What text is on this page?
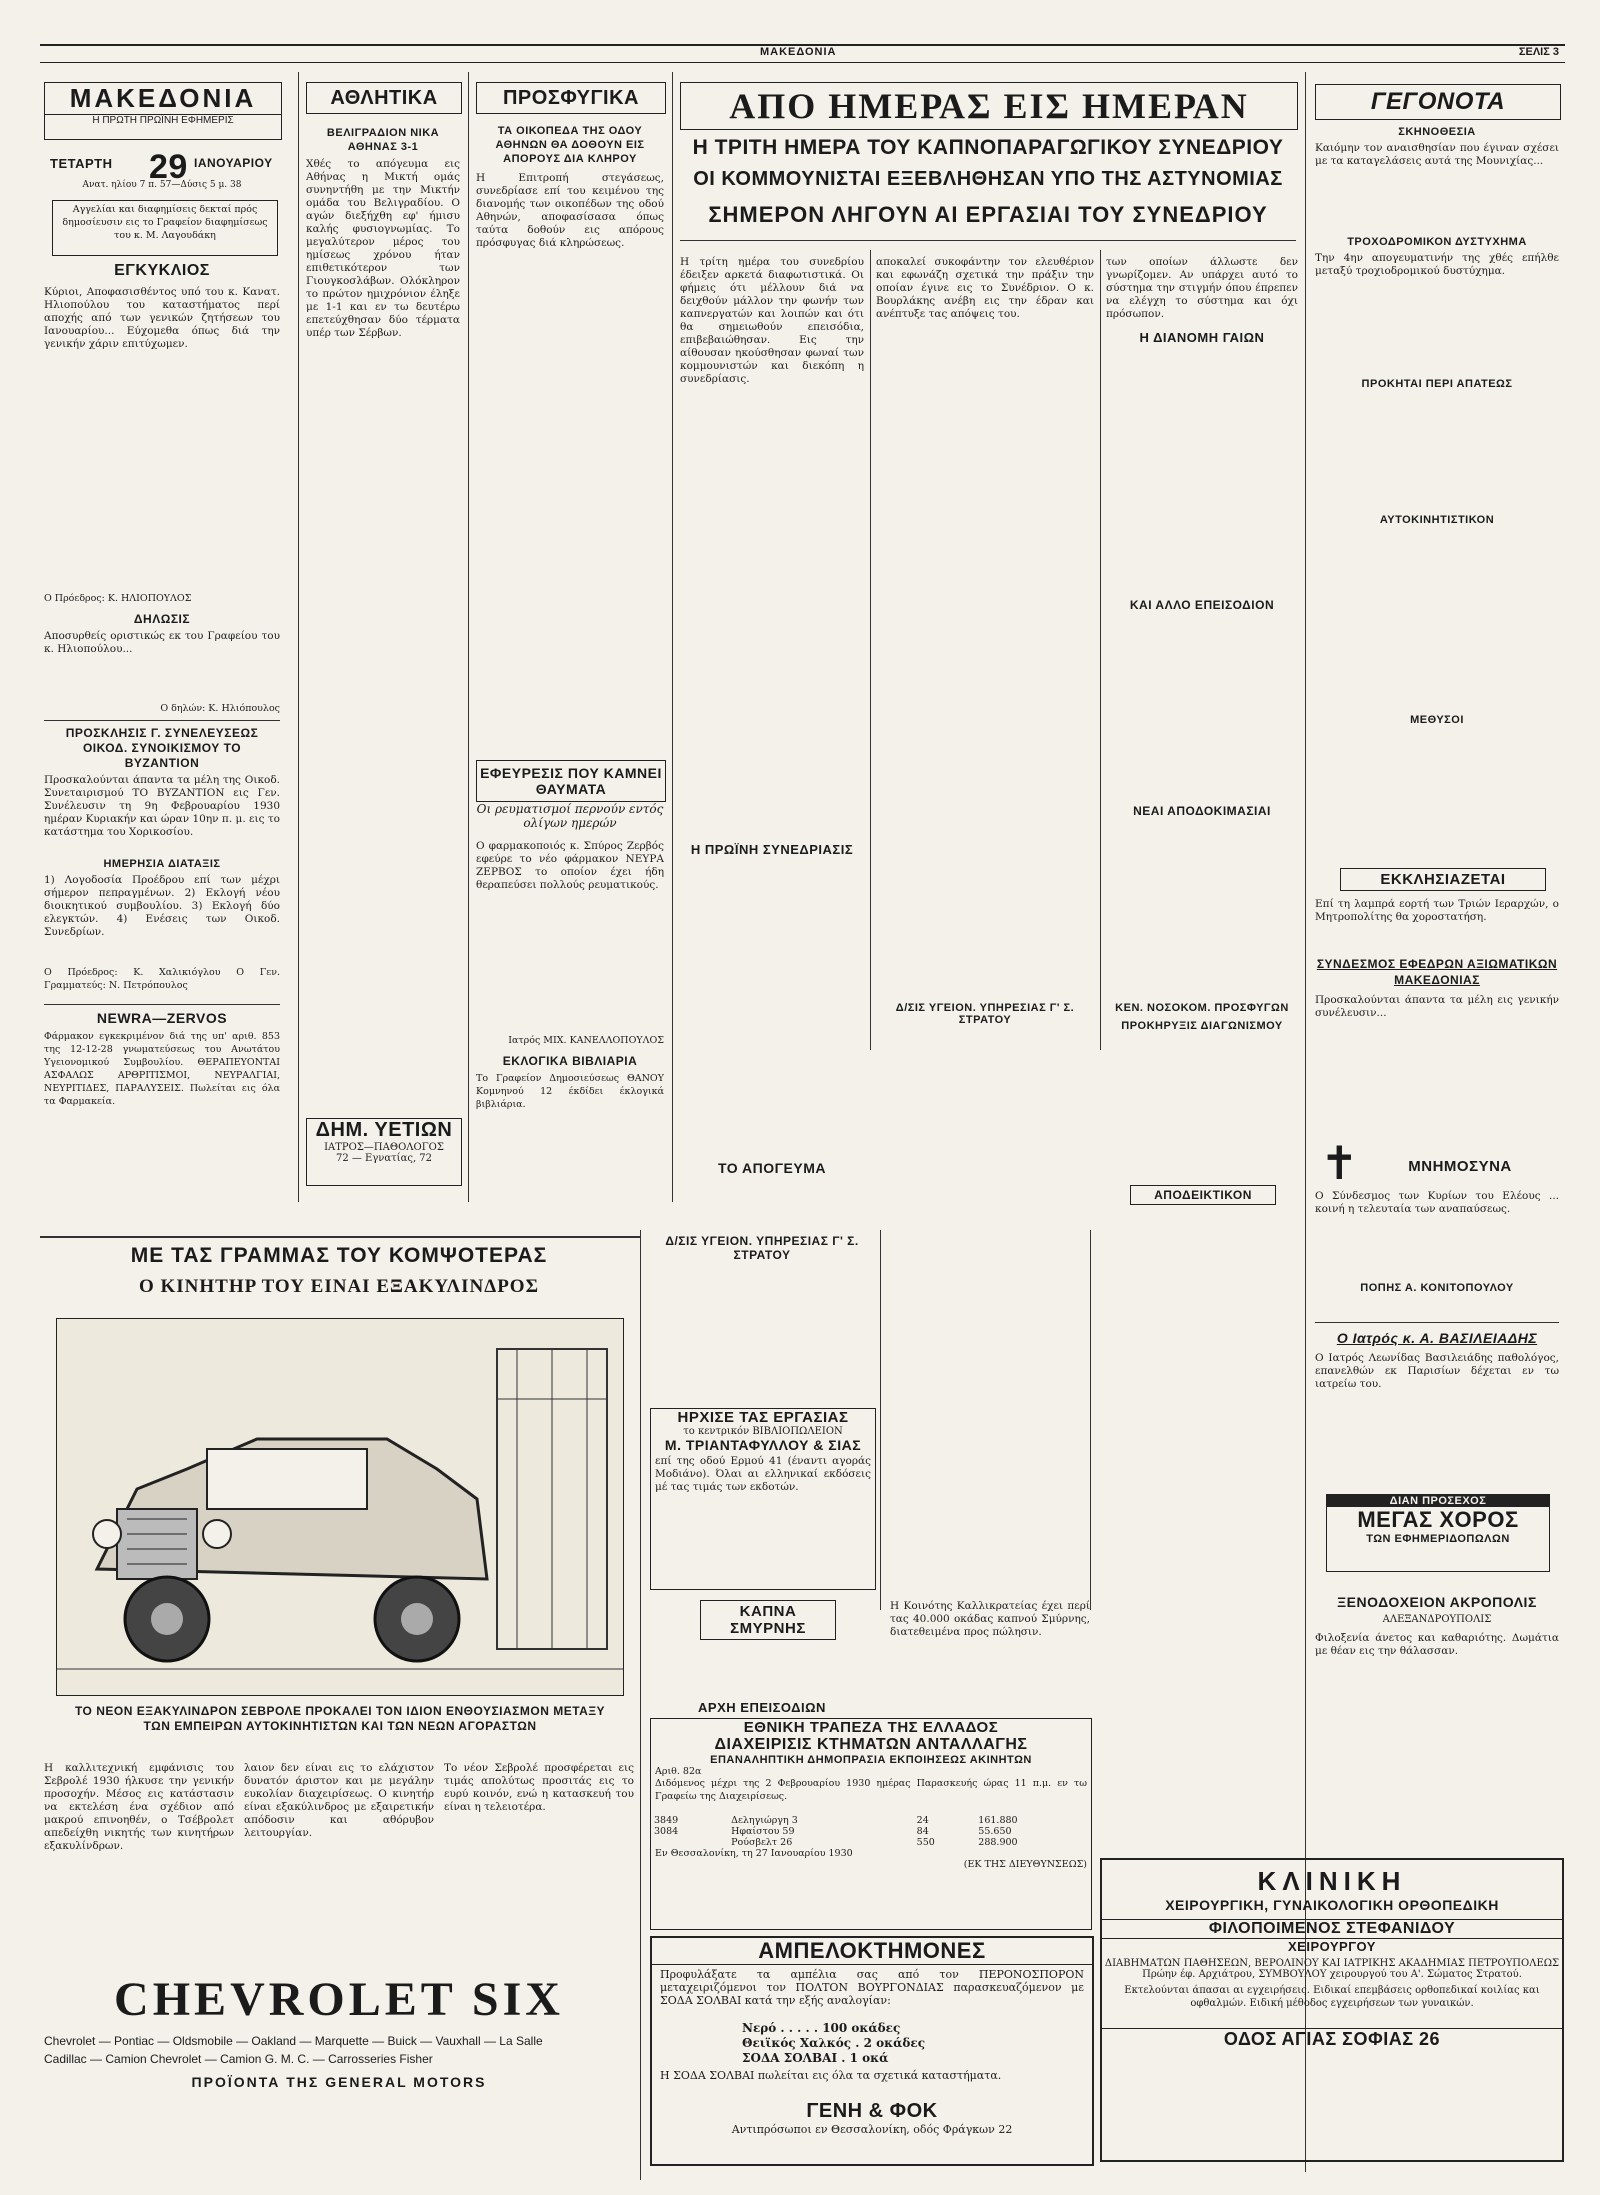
ΜΑΚΕΔΟΝΙΑ	ΣΕΛΙΣ 3
ΜΑΚΕΔΟΝΙΑ
Η ΠΡΩΤΗ ΠΡΩΪΝΗ ΕΦΗΜΕΡΙΣ
ΤΕΤΑΡΤΗ 29 ΙΑΝΟΥΑΡΙΟΥ
Ανατ. ηλίου 7 π. 57—Δύσις 5 μ. 38
Αγγελίαι και διαφημίσεις δεκταί πρός δημοσίευσιν εις το Γραφείον διαφημίσεως του κ. Μ. Λαγουδάκη
ΕΓΚΥΚΛΙΟΣ
Κύριοι, Αποφασισθέντος υπό του κ. Κανατ. Ηλιοπούλου του καταστήματος περί αποχής από των γενικών ζητήσεων του Ιανουαρίου... Εύχομεθα όπως διά την γενικήν χάριν επιτύχωμεν.
Ο Πρόεδρος: Κ. ΗΛΙΟΠΟΥΛΟΣ
ΔΗΛΩΣΙΣ
Αποσυρθείς οριστικώς εκ του Γραφείου του κ. Ηλιοπούλου...
Ο δηλών: Κ. Ηλιόπουλος
ΠΡΟΣΚΛΗΣΙΣ Γ. ΣΥΝΕΛΕΥΣΕΩΣ ΟΙΚΟΔ. ΣΥΝΟΙΚΙΣΜΟΥ ΤΟ ΒΥΖΑΝΤΙΟΝ
Προσκαλούνται άπαντα τα μέλη της Οικοδ. Συνεταιρισμού ΤΟ ΒΥΖΑΝΤΙΟΝ εις Γεν. Συνέλευσιν τη 9η Φεβρουαρίου 1930 ημέραν Κυριακήν και ώραν 10ην π. μ. εις το κατάστημα του Χορικοσίου.
ΗΜΕΡΗΣΙΑ ΔΙΑΤΑΞΙΣ
1) Λογοδοσία Προέδρου επί των μέχρι σήμερον πεπραγμένων. 2) Εκλογή νέου διοικητικού συμβουλίου. 3) Εκλογή δύο ελεγκτών. 4) Ενέσεις των Οικοδ. Συνεδρίων.
Ο Πρόεδρος: Κ. Χαλικιόγλου Ο Γεν. Γραμματεύς: Ν. Πετρόπουλος
NEWRA—ZERVOS
Φάρμακον εγκεκριμένον διά της υπ' αριθ. 853 της 12-12-28 γνωματεύσεως του Ανωτάτου Υγειονομικού Συμβουλίου. ΘΕΡΑΠΕΥΟΝΤΑΙ ΑΣΦΑΛΩΣ ΑΡΘΡΙΤΙΣΜΟΙ, ΝΕΥΡΑΛΓΙΑΙ, ΝΕΥΡΙΤΙΔΕΣ, ΠΑΡΑΛΥΣΕΙΣ. Πωλείται εις όλα τα Φαρμακεία.
ΑΘΛΗΤΙΚΑ
ΒΕΛΙΓΡΑΔΙΟΝ ΝΙΚΑ ΑΘΗΝΑΣ 3-1
Χθές το απόγευμα εις Αθήνας η Μικτή ομάς συνηντήθη με την Μικτήν ομάδα του Βελιγραδίου. Ο αγών διεξήχθη εφ' ήμισυ καλής φυσιογνωμίας. Το μεγαλύτερον μέρος του ημίσεως χρόνου ήταν επιθετικότερον των Γιουγκοσλάβων. Ολόκληρον το πρώτον ημιχρόνιον έληξε με 1-1 και εν τω δευτέρω επετεύχθησαν δύο τέρματα υπέρ των Σέρβων.
ΔΗΜ. ΥΕΤΙΩΝ
ΙΑΤΡΟΣ—ΠΑΘΟΛΟΓΟΣ
72 — Εγνατίας, 72
ΠΡΟΣΦΥΓΙΚΑ
ΤΑ ΟΙΚΟΠΕΔΑ ΤΗΣ ΟΔΟΥ ΑΘΗΝΩΝ ΘΑ ΔΟΘΟΥΝ ΕΙΣ ΑΠΟΡΟΥΣ ΔΙΑ ΚΛΗΡΟΥ
Η Επιτροπή στεγάσεως, συνεδρίασε επί του κειμένου της διανομής των οικοπέδων της οδού Αθηνών, αποφασίσασα όπως ταύτα δοθούν εις απόρους πρόσφυγας διά κληρώσεως.
ΕΦΕΥΡΕΣΙΣ ΠΟΥ ΚΑΜΝΕΙ ΘΑΥΜΑΤΑ
Οι ρευματισμοί περνούν εντός ολίγων ημερών
Ο φαρμακοποιός κ. Σπύρος Ζερβός εφεύρε το νέο φάρμακον ΝΕΥΡΑ ΖΕΡΒΟΣ το οποίον έχει ήδη θεραπεύσει πολλούς ρευματικούς.
Ιατρός ΜΙΧ. ΚΑΝΕΛΛΟΠΟΥΛΟΣ
ΕΚΛΟΓΙΚΑ ΒΙΒΛΙΑΡΙΑ
Το Γραφείον Δημοσιεύσεως ΘΑΝΟΥ Κομνηνού 12 έκδίδει έκλογικά βιβλιάρια.
ΑΠΟ ΗΜΕΡΑΣ ΕΙΣ ΗΜΕΡΑΝ
Η ΤΡΙΤΗ ΗΜΕΡΑ ΤΟΥ ΚΑΠΝΟΠΑΡΑΓΩΓΙΚΟΥ ΣΥΝΕΔΡΙΟΥ
ΟΙ ΚΟΜΜΟΥΝΙΣΤΑΙ ΕΞΕΒΛΗΘΗΣΑΝ ΥΠΟ ΤΗΣ ΑΣΤΥΝΟΜΙΑΣ
ΣΗΜΕΡΟΝ ΛΗΓΟΥΝ ΑΙ ΕΡΓΑΣΙΑΙ ΤΟΥ ΣΥΝΕΔΡΙΟΥ
Η τρίτη ημέρα του συνεδρίου έδειξεν αρκετά διαφωτιστικά. Οι φήμεις ότι μέλλουν διά να δειχθούν μάλλον την φωνήν των καπνεργατών και λοιπών και ότι θα σημειωθούν επεισόδια, επιβεβαιώθησαν. Εις την αίθουσαν ηκούσθησαν φωναί των κομμουνιστών και διεκόπη η συνεδρίασις.
Η ΠΡΩΪΝΗ ΣΥΝΕΔΡΙΑΣΙΣ
ΤΟ ΑΠΟΓΕΥΜΑ
αποκαλεί συκοφάντην τον ελευθέριον και εφωνάζη σχετικά την πράξιν την οποίαν έγινε εις το Συνέδριον. Ο κ. Βουρλάκης ανέβη εις την έδραν και ανέπτυξε τας απόψεις του.
Δ/ΣΙΣ ΥΓΕΙΟΝ. ΥΠΗΡΕΣΙΑΣ Γ' Σ. ΣΤΡΑΤΟΥ
των οποίων άλλωστε δεν γνωρίζομεν. Αν υπάρχει αυτό το σύστημα την στιγμήν όπου έπρεπεν να ελέγχη το σύστημα και όχι πρόσωπον.
Η ΔΙΑΝΟΜΗ ΓΑΙΩΝ
ΚΑΙ ΑΛΛΟ ΕΠΕΙΣΟΔΙΟΝ
ΝΕΑΙ ΑΠΟΔΟΚΙΜΑΣΙΑΙ
ΚΕΝ. ΝΟΣΟΚΟΜ. ΠΡΟΣΦΥΓΩΝ
ΠΡΟΚΗΡΥΞΙΣ ΔΙΑΓΩΝΙΣΜΟΥ
ΑΠΟΔΕΙΚΤΙΚΟΝ
ΓΕΓΟΝΟΤΑ
ΣΚΗΝΟΘΕΣΙΑ
Καιόμην τον αναισθησίαν που έγιναν σχέσει με τα καταγελάσεις αυτά της Μουνιχίας...
ΤΡΟΧΟΔΡΟΜΙΚΟΝ ΔΥΣΤΥΧΗΜΑ
Την 4ην απογευματινήν της χθές επήλθε μεταξύ τροχιοδρομικού δυστύχημα.
ΠΡΟΚΗΤΑΙ ΠΕΡΙ ΑΠΑΤΕΩΣ
ΑΥΤΟΚΙΝΗΤΙΣΤΙΚΟΝ
ΜΕΘΥΣΟΙ
ΕΚΚΛΗΣΙΑΖΕΤΑΙ
Επί τη λαμπρά εορτή των Τριών Ιεραρχών, ο Μητροπολίτης θα χοροστατήση.
ΣΥΝΔΕΣΜΟΣ ΕΦΕΔΡΩΝ ΑΞΙΩΜΑΤΙΚΩΝ ΜΑΚΕΔΟΝΙΑΣ
Προσκαλούνται άπαντα τα μέλη εις γενικήν συνέλευσιν...
✝	ΜΝΗΜΟΣΥΝΑ
Ο Σύνδεσμος των Κυρίων του Ελέους ... κοινή η τελευταία των αναπαύσεως.
ΠΟΠΗΣ Α. ΚΟΝΙΤΟΠΟΥΛΟΥ
Ο Ιατρός κ. Α. ΒΑΣΙΛΕΙΑΔΗΣ
Ο Ιατρός Λεωνίδας Βασιλειάδης παθολόγος, επανελθών εκ Παρισίων δέχεται εν τω ιατρείω του.
ΔΙΑΝ ΠΡΟΣΕΧΟΣ
ΜΕΓΑΣ ΧΟΡΟΣ
ΤΩΝ ΕΦΗΜΕΡΙΔΟΠΩΛΩΝ
ΞΕΝΟΔΟΧΕΙΟΝ ΑΚΡΟΠΟΛΙΣ
ΑΛΕΞΑΝΔΡΟΥΠΟΛΙΣ
Φιλοξενία άνετος και καθαριότης. Δωμάτια με θέαν εις την θάλασσαν.
ΜΕ ΤΑΣ ΓΡΑΜΜΑΣ ΤΟΥ ΚΟΜΨΟΤΕΡΑΣ
Ο ΚΙΝΗΤΗΡ ΤΟΥ ΕΙΝΑΙ ΕΞΑΚΥΛΙΝΔΡΟΣ
ΤΟ ΝΕΟΝ ΕΞΑΚΥΛΙΝΔΡΟΝ ΣΕΒΡΟΛΕ ΠΡΟΚΑΛΕΙ ΤΟΝ ΙΔΙΟΝ ΕΝΘΟΥΣΙΑΣΜΟΝ ΜΕΤΑΞΥ ΤΩΝ ΕΜΠΕΙΡΩΝ ΑΥΤΟΚΙΝΗΤΙΣΤΩΝ ΚΑΙ ΤΩΝ ΝΕΩΝ ΑΓΟΡΑΣΤΩΝ
Η καλλιτεχνική εμφάνισις του Σεβρολέ 1930 ήλκυσε την γενικήν προσοχήν. Μέσος εις κατάστασιν να εκτελέση ένα σχέδιον από μακρού επινοηθέν, ο Τσέβρολετ απεδείχθη νικητής των κινητήρων εξακυλίνδρων.
λαιον δεν είναι εις το ελάχιστον δυνατόν άριστον και με μεγάλην ευκολίαν διαχειρίσεως. Ο κινητήρ είναι εξακύλινδρος με εξαιρετικήν απόδοσιν και αθόρυβον λειτουργίαν.
Το νέον Σεβρολέ προσφέρεται εις τιμάς απολύτως προσιτάς εις το ευρύ κοινόν, ενώ η κατασκευή του είναι η τελειοτέρα.
CHEVROLET SIX
Chevrolet — Pontiac — Oldsmobile — Oakland — Marquette — Buick — Vauxhall — La Salle
Cadillac — Camion Chevrolet — Camion G. M. C. — Carrosseries Fisher
ΠΡΟΪΟΝΤΑ ΤΗΣ GENERAL MOTORS
Δ/ΣΙΣ ΥΓΕΙΟΝ. ΥΠΗΡΕΣΙΑΣ Γ' Σ. ΣΤΡΑΤΟΥ
ΗΡΧΙΣΕ ΤΑΣ ΕΡΓΑΣΙΑΣ
το κεντρικόν ΒΙΒΛΙΟΠΩΛΕΙΟΝ
Μ. ΤΡΙΑΝΤΑΦΥΛΛΟΥ & ΣΙΑΣ
επί της οδού Ερμού 41 (έναντι αγοράς Μοδιάνο). Όλαι αι ελληνικαί εκδόσεις μέ τας τιμάς των εκδοτών.
ΚΑΠΝΑ ΣΜΥΡΝΗΣ
Η Κοινότης Καλλικρατείας έχει περί τας 40.000 οκάδας καπνού Σμύρνης, διατεθειμένα προς πώλησιν.
ΑΡΧΗ ΕΠΕΙΣΟΔΙΩΝ
ΕΘΝΙΚΗ ΤΡΑΠΕΖΑ ΤΗΣ ΕΛΛΑΔΟΣ
ΔΙΑΧΕΙΡΙΣΙΣ ΚΤΗΜΑΤΩΝ ΑΝΤΑΛΛΑΓΗΣ
ΕΠΑΝΑΛΗΠΤΙΚΗ ΔΗΜΟΠΡΑΣΙΑ ΕΚΠΟΙΗΣΕΩΣ ΑΚΙΝΗΤΩΝ
Αριθ. 82α
Διδόμενος μέχρι της 2 Φεβρουαρίου 1930 ημέρας Παρασκευής ώρας 11 π.μ. εν τω Γραφείω της Διαχειρίσεως.
3849	Δεληγιώργη 3	24	161.880
3084	Ηφαίστου 59	84	55.650
	Ρούσβελτ 26	550	288.900
Εν Θεσσαλονίκη, τη 27 Ιανουαρίου 1930
(ΕΚ ΤΗΣ ΔΙΕΥΘΥΝΣΕΩΣ)
ΑΜΠΕΛΟΚΤΗΜΟΝΕΣ
Προφυλάξατε τα αμπέλια σας από τον ΠΕΡΟΝΟΣΠΟΡΟΝ μεταχειριζόμενοι τον ΠΟΛΤΟΝ ΒΟΥΡΓΟΝΔΙΑΣ παρασκευαζόμενον με ΣΟΔΑ ΣΟΛΒΑΙ κατά την εξής αναλογίαν:
Νερό . . . . . 100 οκάδες
Θειϊκός Χαλκός . 2 οκάδες
ΣΟΔΑ ΣΟΛΒΑΙ . 1 οκά
Η ΣΟΔΑ ΣΟΛΒΑΙ πωλείται εις όλα τα σχετικά καταστήματα.
ΓΕΝΗ & ΦΟΚ
Αντιπρόσωποι εν Θεσσαλονίκη, οδός Φράγκων 22
ΚΛΙΝΙΚΗ
ΧΕΙΡΟΥΡΓΙΚΗ, ΓΥΝΑΙΚΟΛΟΓΙΚΗ ΟΡΘΟΠΕΔΙΚΗ
ΦΙΛΟΠΟΙΜΕΝΟΣ ΣΤΕΦΑΝΙΔΟΥ
ΧΕΙΡΟΥΡΓΟΥ
ΔΙΑΒΗΜΑΤΩΝ ΠΑΘΗΣΕΩΝ, ΒΕΡΟΛΙΝΟΥ ΚΑΙ ΙΑΤΡΙΚΗΣ ΑΚΑΔΗΜΙΑΣ ΠΕΤΡΟΥΠΟΛΕΩΣ
Πρώην έφ. Αρχιάτρου, ΣΥΜΒΟΥΛΟΥ χειρουργού του Α'. Σώματος Στρατού.
Εκτελούνται άπασαι αι εγχειρήσεις. Ειδικαί επεμβάσεις ορθοπεδικαί κοιλίας και οφθαλμών. Ειδική μέθοδος εγχειρήσεων των γυναικών.
ΟΔΟΣ ΑΓΙΑΣ ΣΟΦΙΑΣ 26
